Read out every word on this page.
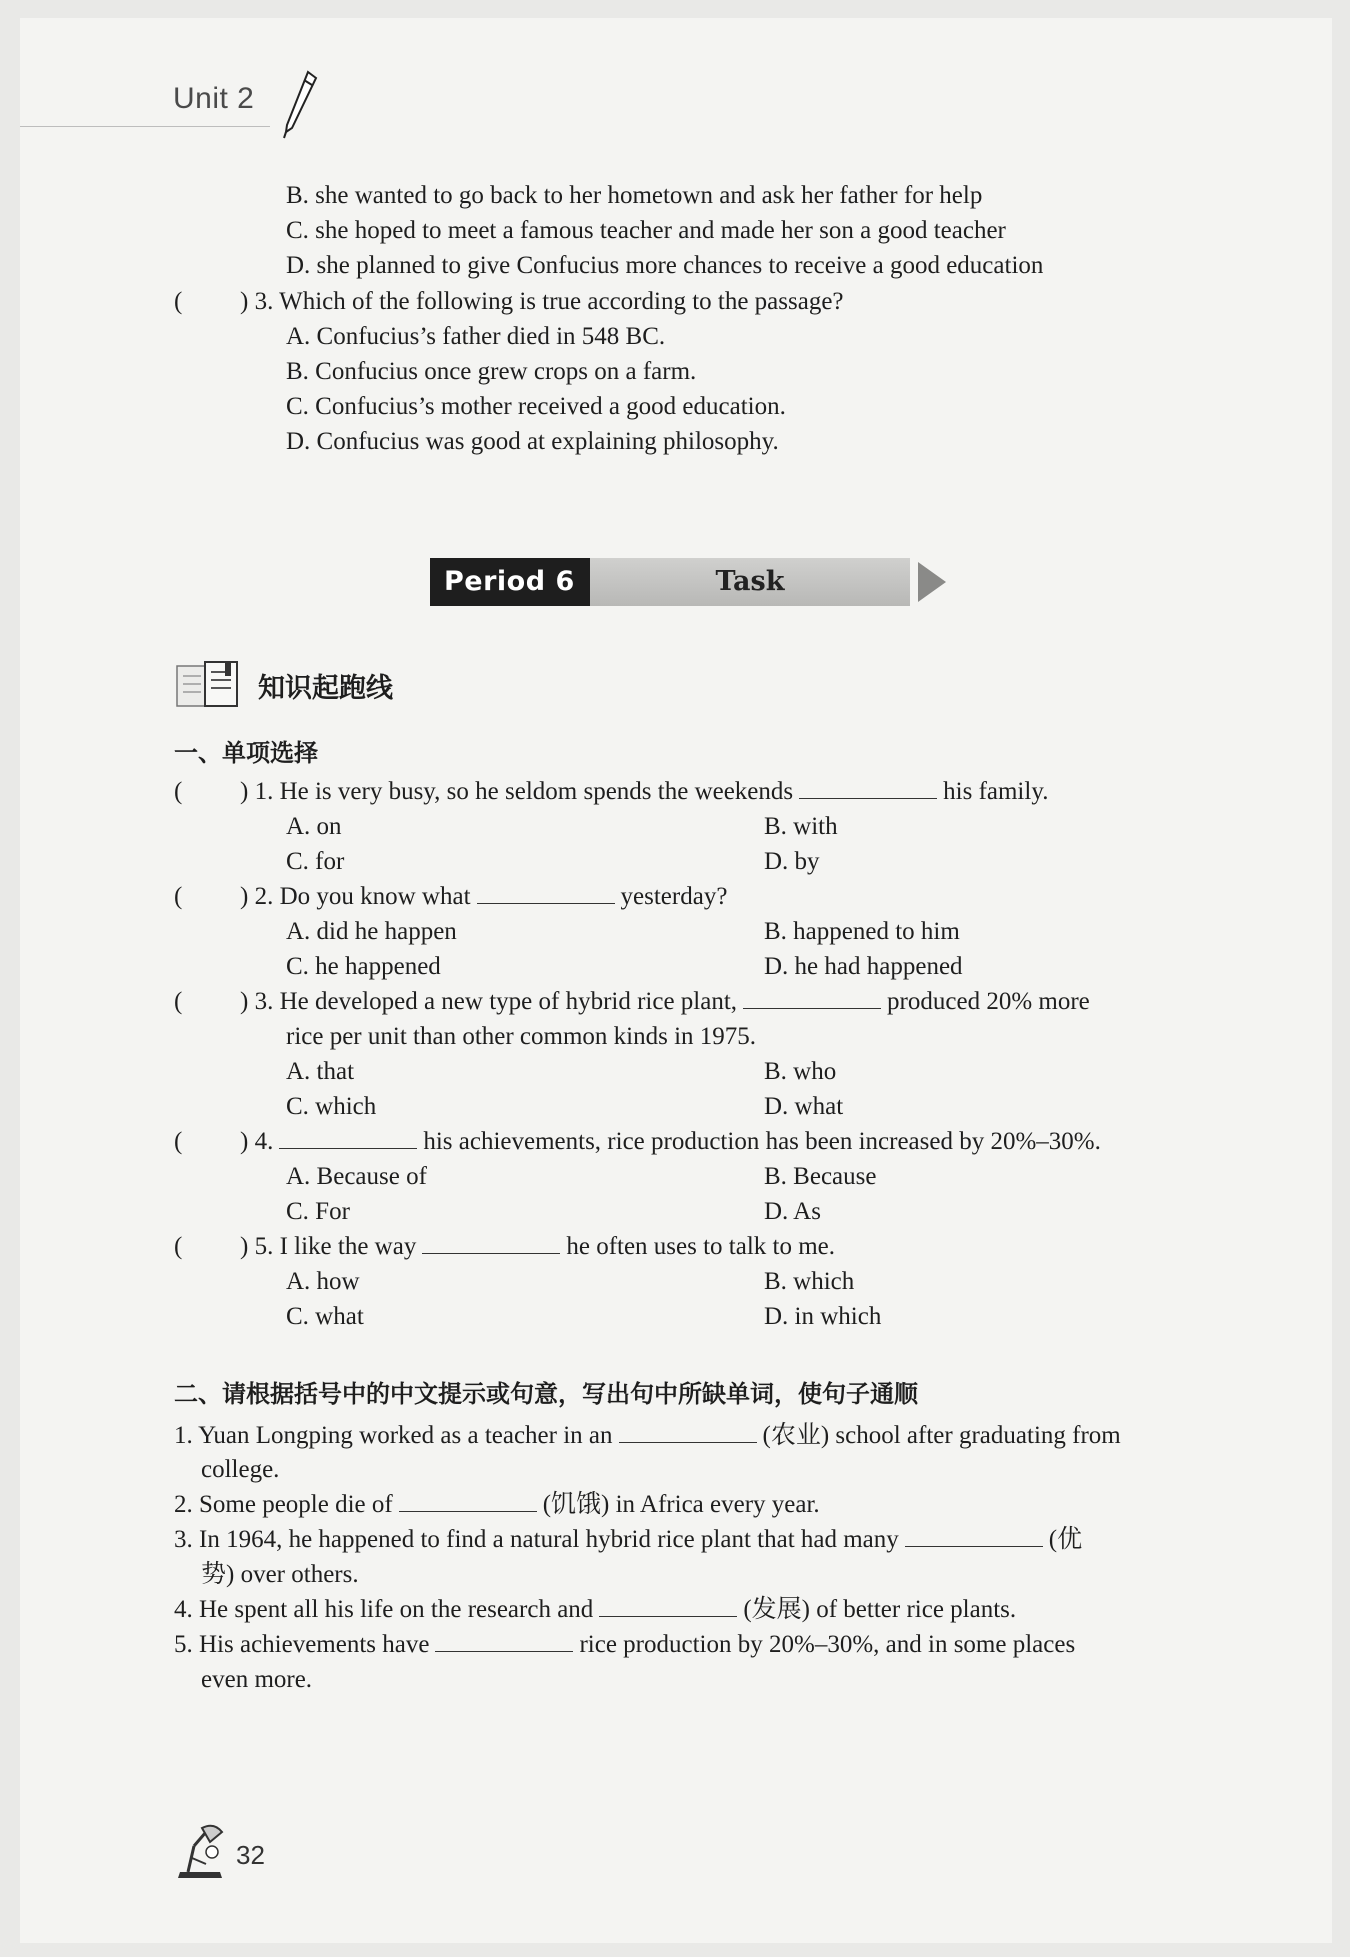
Unit 2
B. she wanted to go back to her hometown and ask her father for help
C. she hoped to meet a famous teacher and made her son a good teacher
D. she planned to give Confucius more chances to receive a good education
( ) 3. Which of the following is true according to the passage?
A. Confucius’s father died in 548 BC.
B. Confucius once grew crops on a farm.
C. Confucius’s mother received a good education.
D. Confucius was good at explaining philosophy.
Period 6	Task
知识起跑线
一、单项选择
( ) 1. He is very busy, so he seldom spends the weekends	his family.
A. on	B. with
C. for	D. by
( ) 2. Do you know what	yesterday?
A. did he happen	B. happened to him
C. he happened	D. he had happened
( ) 3. He developed a new type of hybrid rice plant,	produced 20% more
rice per unit than other common kinds in 1975.
A. that	B. who
C. which	D. what
( ) 4.	his achievements, rice production has been increased by 20%–30%.
A. Because of	B. Because
C. For	D. As
( ) 5. I like the way	he often uses to talk to me.
A. how	B. which
C. what	D. in which
二、请根据括号中的中文提示或句意，写出句中所缺单词，使句子通顺
1. Yuan Longping worked as a teacher in an	(农业) school after graduating from
college.
2. Some people die of	(饥饿) in Africa every year.
3. In 1964, he happened to find a natural hybrid rice plant that had many	(优
势) over others.
4. He spent all his life on the research and	(发展) of better rice plants.
5. His achievements have	rice production by 20%–30%, and in some places
even more.
32
